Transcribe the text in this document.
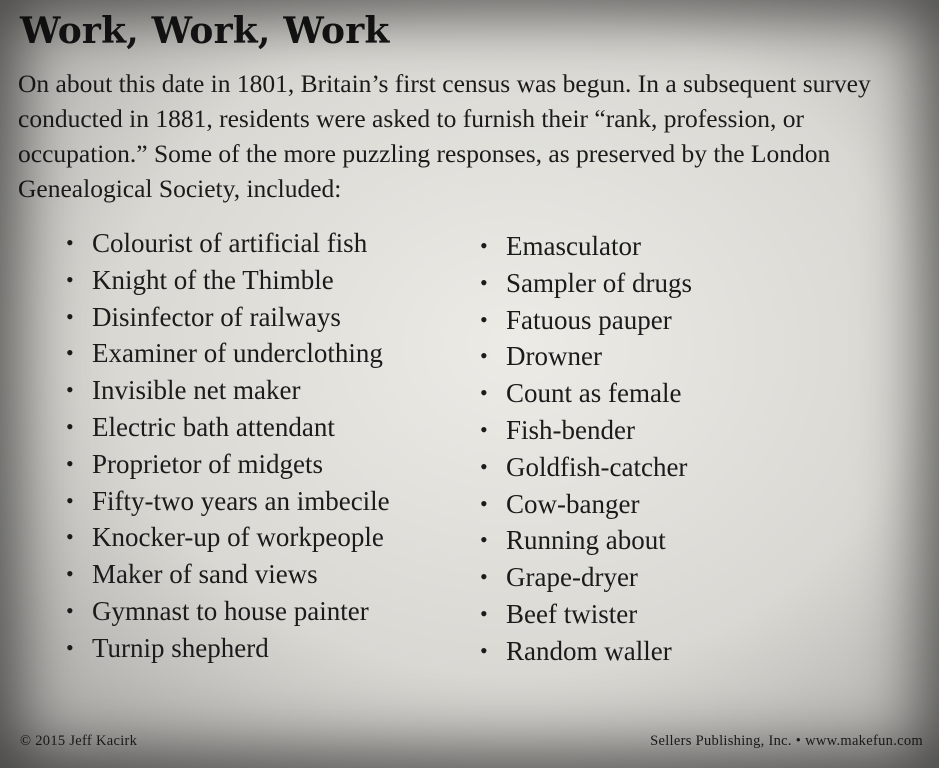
Work, Work, Work
On about this date in 1801, Britain’s first census was begun. In a subsequent survey conducted in 1881, residents were asked to furnish their “rank, profession, or occupation.” Some of the more puzzling responses, as preserved by the London Genealogical Society, included:
• Colourist of artificial fish
• Knight of the Thimble
• Disinfector of railways
• Examiner of underclothing
• Invisible net maker
• Electric bath attendant
• Proprietor of midgets
• Fifty-two years an imbecile
• Knocker-up of workpeople
• Maker of sand views
• Gymnast to house painter
• Turnip shepherd
• Emasculator
• Sampler of drugs
• Fatuous pauper
• Drowner
• Count as female
• Fish-bender
• Goldfish-catcher
• Cow-banger
• Running about
• Grape-dryer
• Beef twister
• Random waller
© 2015 Jeff Kacirk	Sellers Publishing, Inc. • www.makefun.com
